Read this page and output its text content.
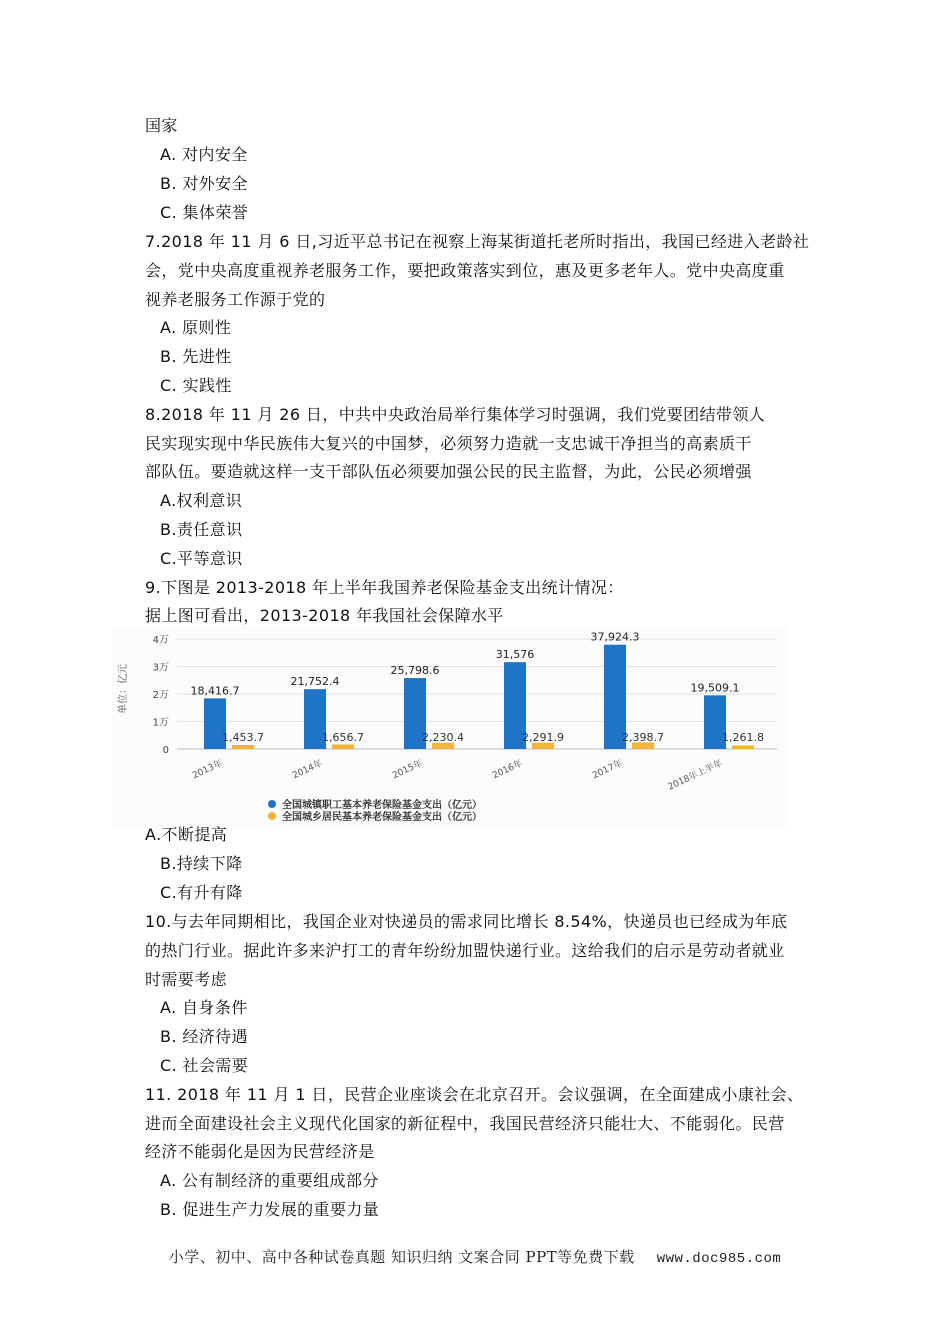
国家
A. 对内安全
B. 对外安全
C. 集体荣誉
7.2018 年 11 月 6 日,习近平总书记在视察上海某街道托老所时指出，我国已经进入老龄社
会，党中央高度重视养老服务工作，要把政策落实到位，惠及更多老年人。党中央高度重
视养老服务工作源于党的
A. 原则性
B. 先进性
C. 实践性
8.2018 年 11 月 26 日，中共中央政治局举行集体学习时强调，我们党要团结带领人
民实现实现中华民族伟大复兴的中国梦，必须努力造就一支忠诚干净担当的高素质干
部队伍。要造就这样一支干部队伍必须要加强公民的民主监督，为此，公民必须增强
A.权利意识
B.责任意识
C.平等意识
9.下图是 2013-2018 年上半年我国养老保险基金支出统计情况：
据上图可看出，2013-2018 年我国社会保障水平
0
1万
2万
3万
4万
单位：亿元	18,416.7
1,453.7
21,752.4
1,656.7
25,798.6
2,230.4
31,576
2,291.9
37,924.3
2,398.7
19,509.1
1,261.8
2013年	2014年	2015年	2016年	2017年	2018年上半年
全国城镇职工基本养老保险基金支出（亿元）
全国城乡居民基本养老保险基金支出（亿元）
A.不断提高
B.持续下降
C.有升有降
10.与去年同期相比，我国企业对快递员的需求同比增长 8.54%，快递员也已经成为年底
的热门行业。据此许多来沪打工的青年纷纷加盟快递行业。这给我们的启示是劳动者就业
时需要考虑
A. 自身条件
B. 经济待遇
C. 社会需要
11. 2018 年 11 月 1 日，民营企业座谈会在北京召开。会议强调，在全面建成小康社会、
进而全面建设社会主义现代化国家的新征程中，我国民营经济只能壮大、不能弱化。民营
经济不能弱化是因为民营经济是
A. 公有制经济的重要组成部分
B. 促进生产力发展的重要力量
小学、初中、高中各种试卷真题 知识归纳 文案合同 PPT等免费下载 www.doc985.com
